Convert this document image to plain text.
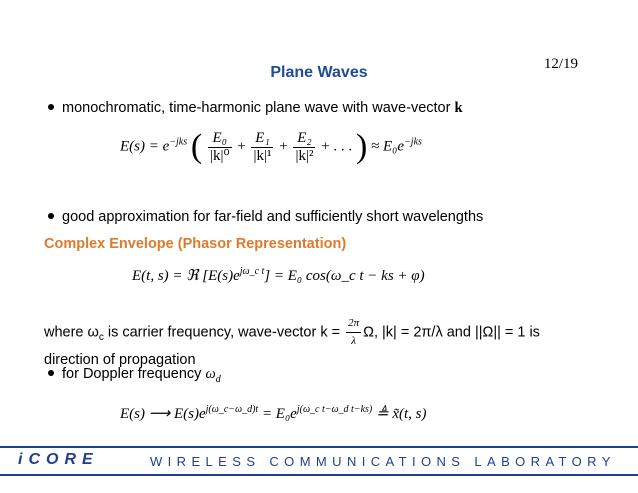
12/19
Plane Waves
monochromatic, time-harmonic plane wave with wave-vector k
$E(s) = e^{-jks}$ ( $\frac{\text{E₀}}{\text{|k|⁰}} + \frac{\text{E₁}}{\text{|k|¹}} + \frac{\text{E₂}}{\text{|k|²}}$ + . . . ) ≈ $E_0e^{-jks}$
good approximation for far-field and sufficiently short wavelengths
Complex Envelope (Phasor Representation)
E(t, s) = ℜ $[E(s)e^{j\omega\_c t}] = E_0$ cos(ω_c t − ks + φ)
where $\omega_c$ is carrier frequency, wave-vector $k = \frac{2\pi}{\lambda} \Omega$, |k| = 2π/λ and ||Ω|| = 1 is direction of propagation
for Doppler frequency $\omega_d$
E(s) ⟶ $E(s)e^{j(\omega\_c-\omega\_d)t} = E_0e^{j(\omega\_c t-\omega\_d t-ks)}$ ≜ x̃(t, s)
iCORE	WIRELESS COMMUNICATIONS LABORATORY
